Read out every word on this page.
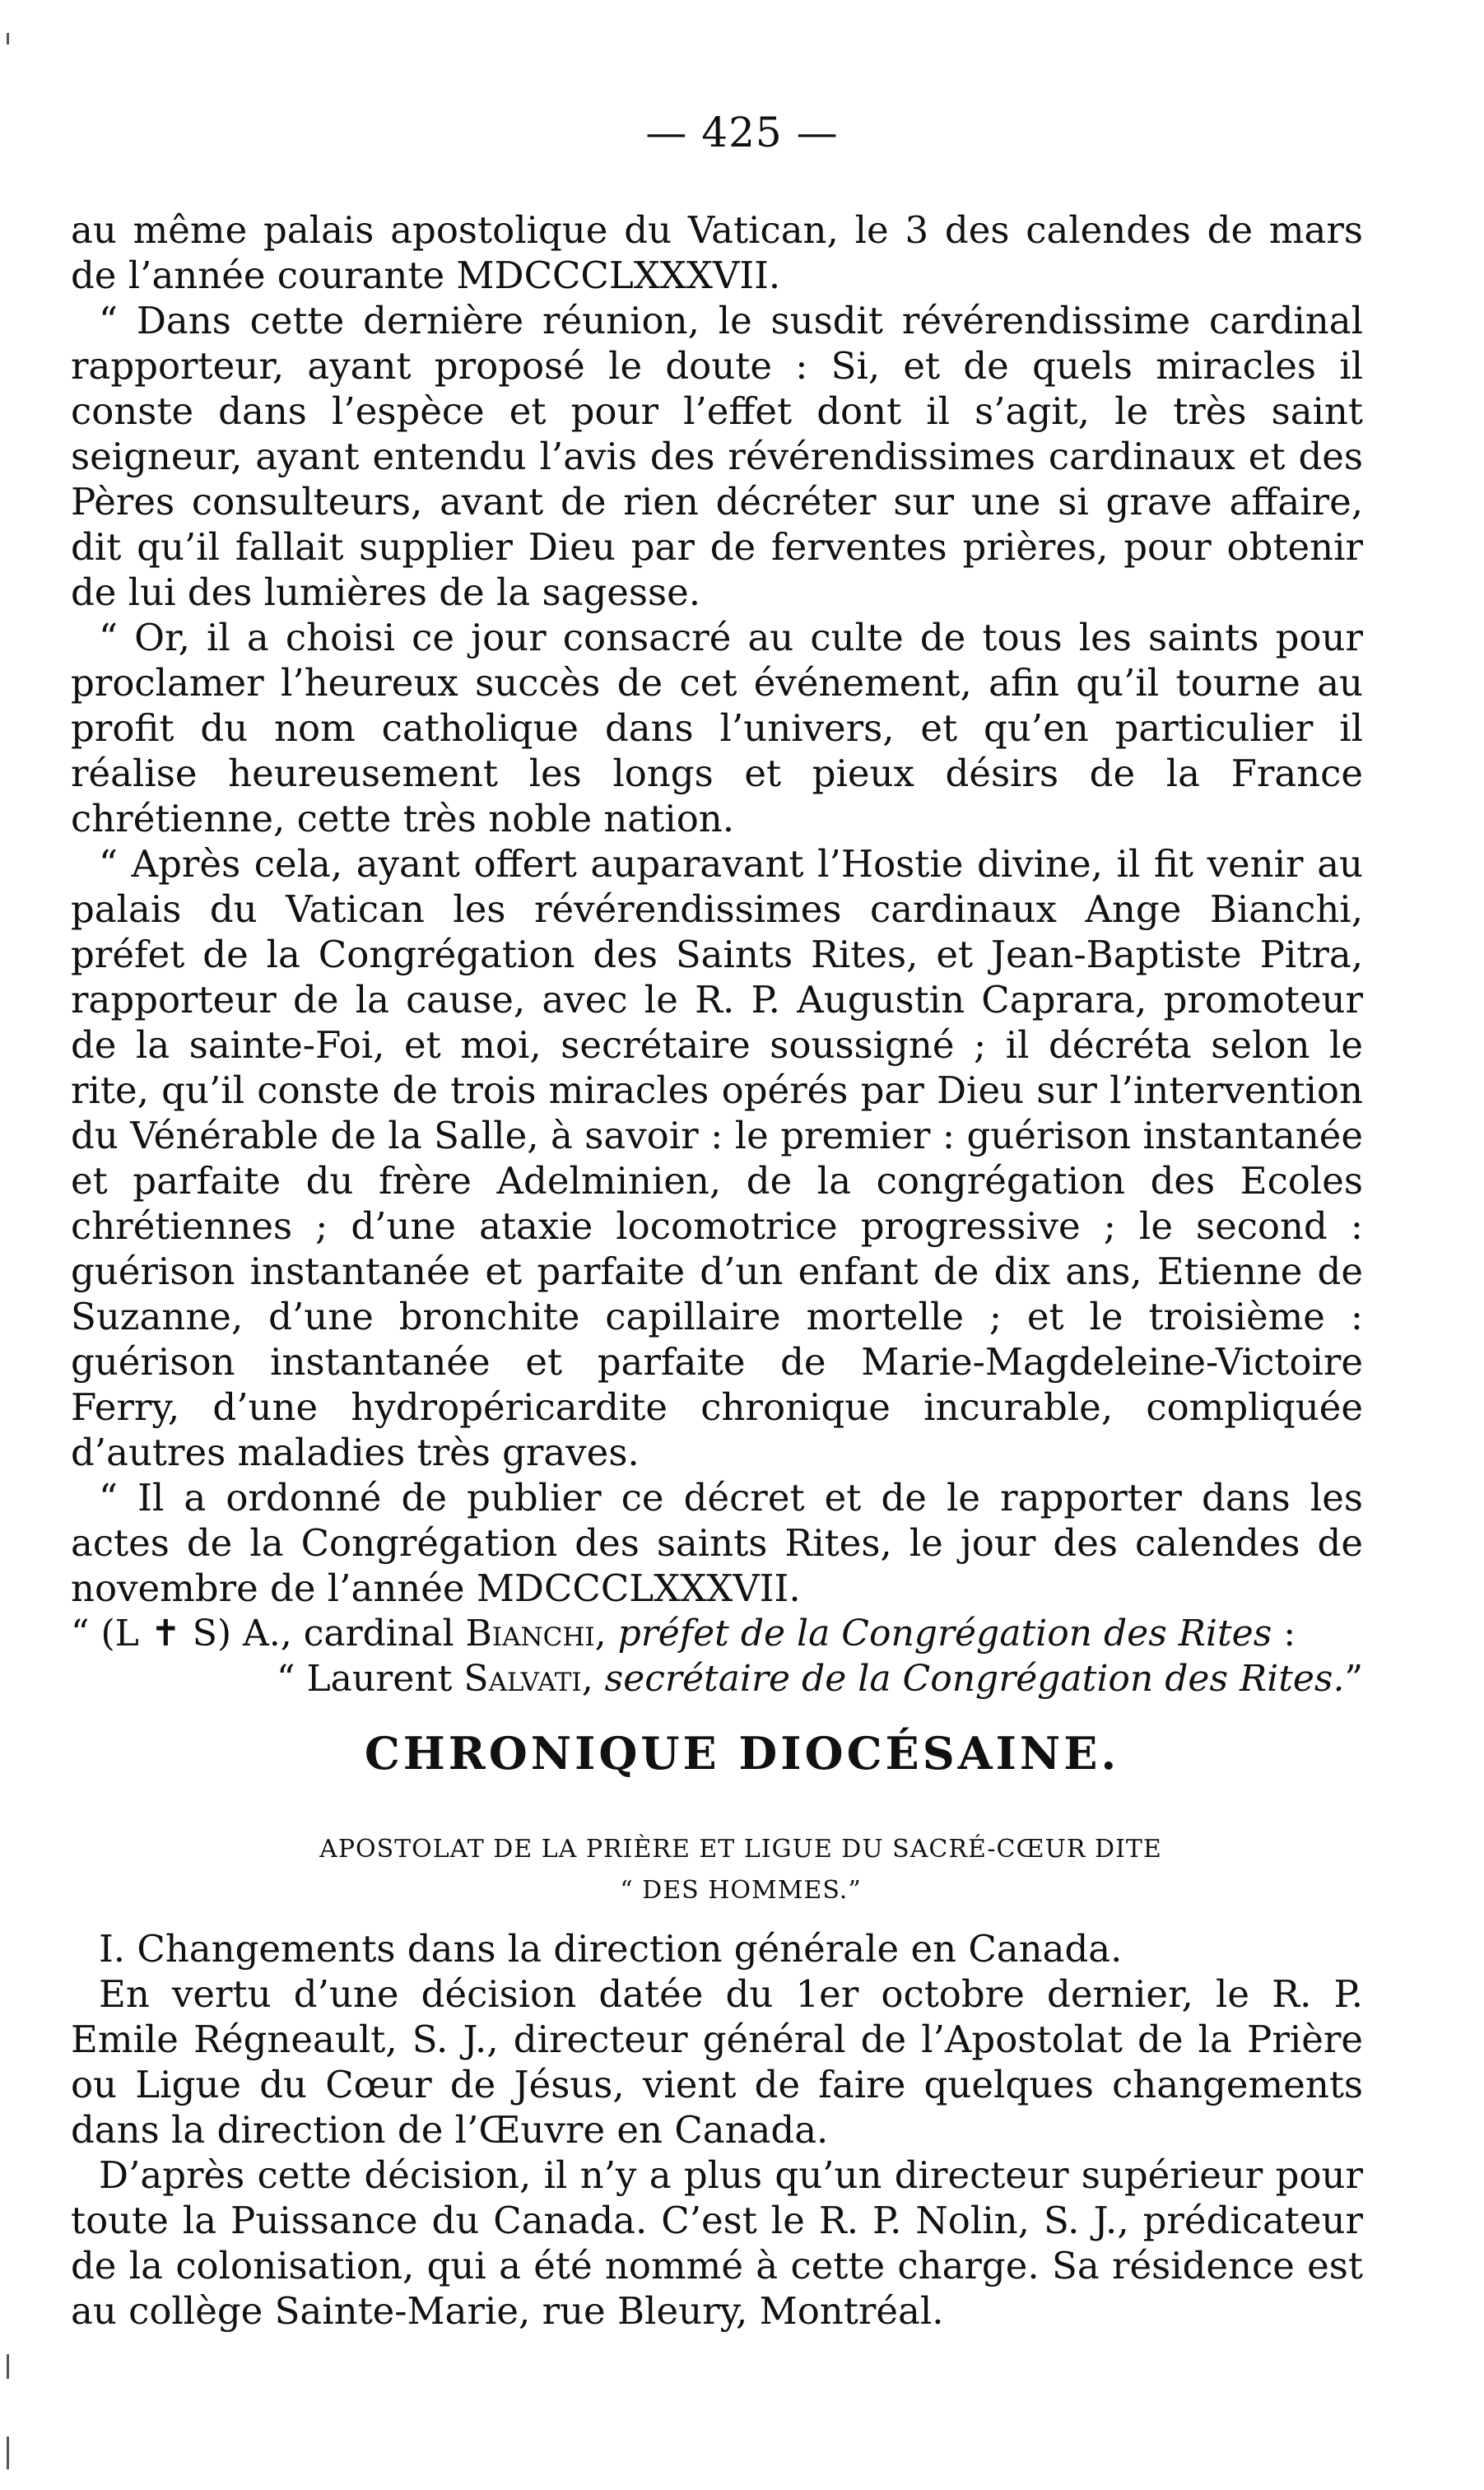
— 425 —

au même palais apostolique du Vatican, le 3 des calendes de mars de l’année courante MDCCCLXXXVII.

“ Dans cette dernière réunion, le susdit révérendissime cardinal rapporteur, ayant proposé le doute : Si, et de quels miracles il conste dans l’espèce et pour l’effet dont il s’agit, le très saint seigneur, ayant entendu l’avis des révérendissimes cardinaux et des Pères consulteurs, avant de rien décréter sur une si grave affaire, dit qu’il fallait supplier Dieu par de ferventes prières, pour obtenir de lui des lumières de la sagesse.

“ Or, il a choisi ce jour consacré au culte de tous les saints pour proclamer l’heureux succès de cet événement, afin qu’il tourne au profit du nom catholique dans l’univers, et qu’en particulier il réalise heureusement les longs et pieux désirs de la France chrétienne, cette très noble nation.

“ Après cela, ayant offert auparavant l’Hostie divine, il fit venir au palais du Vatican les révérendissimes cardinaux Ange Bianchi, préfet de la Congrégation des Saints Rites, et Jean-Baptiste Pitra, rapporteur de la cause, avec le R. P. Augustin Caprara, promoteur de la sainte-Foi, et moi, secrétaire soussigné ; il décréta selon le rite, qu’il conste de trois miracles opérés par Dieu sur l’intervention du Vénérable de la Salle, à savoir : le premier : guérison instantanée et parfaite du frère Adelminien, de la congrégation des Ecoles chrétiennes ; d’une ataxie locomotrice progressive ; le second : guérison instantanée et parfaite d’un enfant de dix ans, Etienne de Suzanne, d’une bronchite capillaire mortelle ; et le troisième : guérison instantanée et parfaite de Marie-Magdeleine-Victoire Ferry, d’une hydropéricardite chronique incurable, compliquée d’autres maladies très graves.

“ Il a ordonné de publier ce décret et de le rapporter dans les actes de la Congrégation des saints Rites, le jour des calendes de novembre de l’année MDCCCLXXXVII.

“ (L ✝ S) A., cardinal Bianchi, préfet de la Congrégation des Rites :

“ Laurent Salvati, secrétaire de la Congrégation des Rites.”

CHRONIQUE DIOCÉSAINE.
APOSTOLAT DE LA PRIÈRE ET LIGUE DU SACRÉ-CŒUR DITE
“ DES HOMMES.”

I. Changements dans la direction générale en Canada.

En vertu d’une décision datée du 1er octobre dernier, le R. P. Emile Régneault, S. J., directeur général de l’Apostolat de la Prière ou Ligue du Cœur de Jésus, vient de faire quelques changements dans la direction de l’Œuvre en Canada.

D’après cette décision, il n’y a plus qu’un directeur supérieur pour toute la Puissance du Canada. C’est le R. P. Nolin, S. J., prédicateur de la colonisation, qui a été nommé à cette charge. Sa résidence est au collège Sainte-Marie, rue Bleury, Montréal.
